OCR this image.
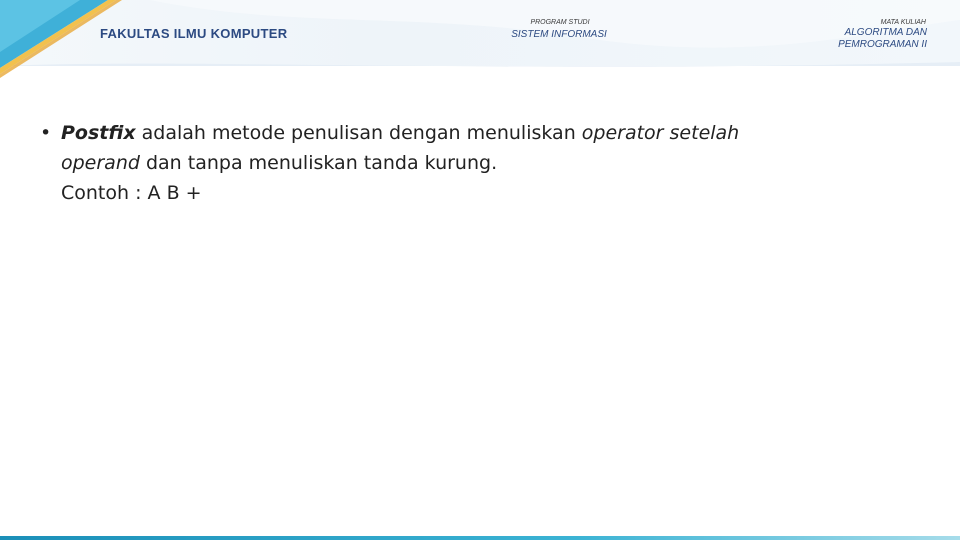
FAKULTAS ILMU KOMPUTER
PROGRAM STUDI
SISTEM INFORMASI
MATA KULIAH
ALGORITMA DAN
PEMROGRAMAN II
• Postfix adalah metode penulisan dengan menuliskan operator setelah
operand dan tanpa menuliskan tanda kurung.
Contoh : A B +
